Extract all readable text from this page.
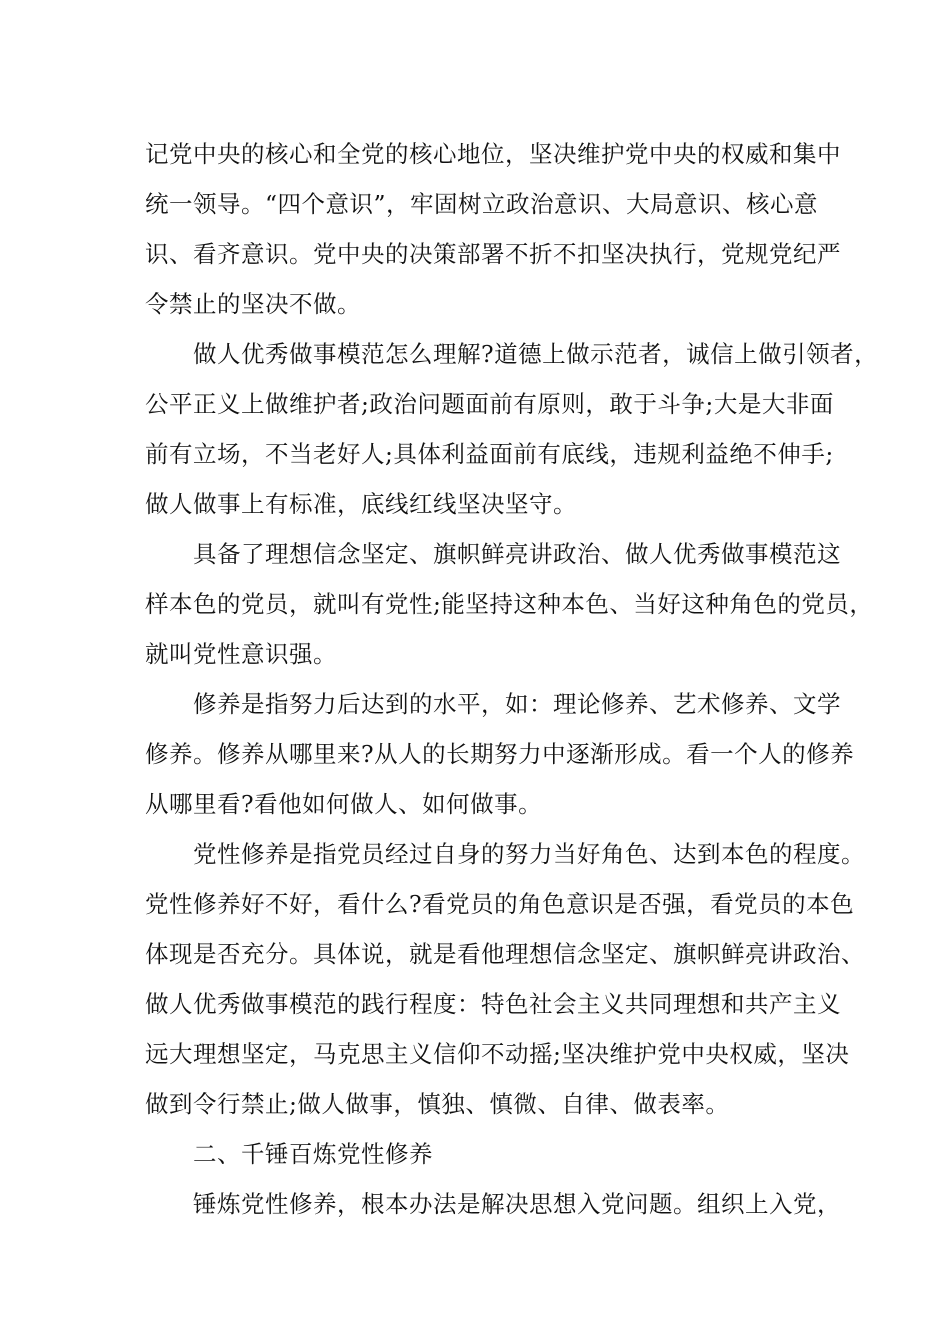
记党中央的核心和全党的核心地位，坚决维护党中央的权威和集中
统一领导。“四个意识”，牢固树立政治意识、大局意识、核心意
识、看齐意识。党中央的决策部署不折不扣坚决执行，党规党纪严
令禁止的坚决不做。
　　做人优秀做事模范怎么理解?道德上做示范者，诚信上做引领者，
公平正义上做维护者;政治问题面前有原则，敢于斗争;大是大非面
前有立场，不当老好人;具体利益面前有底线，违规利益绝不伸手;
做人做事上有标准，底线红线坚决坚守。
　　具备了理想信念坚定、旗帜鲜亮讲政治、做人优秀做事模范这
样本色的党员，就叫有党性;能坚持这种本色、当好这种角色的党员，
就叫党性意识强。
　　修养是指努力后达到的水平，如：理论修养、艺术修养、文学
修养。修养从哪里来?从人的长期努力中逐渐形成。看一个人的修养
从哪里看?看他如何做人、如何做事。
　　党性修养是指党员经过自身的努力当好角色、达到本色的程度。
党性修养好不好，看什么?看党员的角色意识是否强，看党员的本色
体现是否充分。具体说，就是看他理想信念坚定、旗帜鲜亮讲政治、
做人优秀做事模范的践行程度：特色社会主义共同理想和共产主义
远大理想坚定，马克思主义信仰不动摇;坚决维护党中央权威，坚决
做到令行禁止;做人做事，慎独、慎微、自律、做表率。
　　二、千锤百炼党性修养
　　锤炼党性修养，根本办法是解决思想入党问题。组织上入党，
